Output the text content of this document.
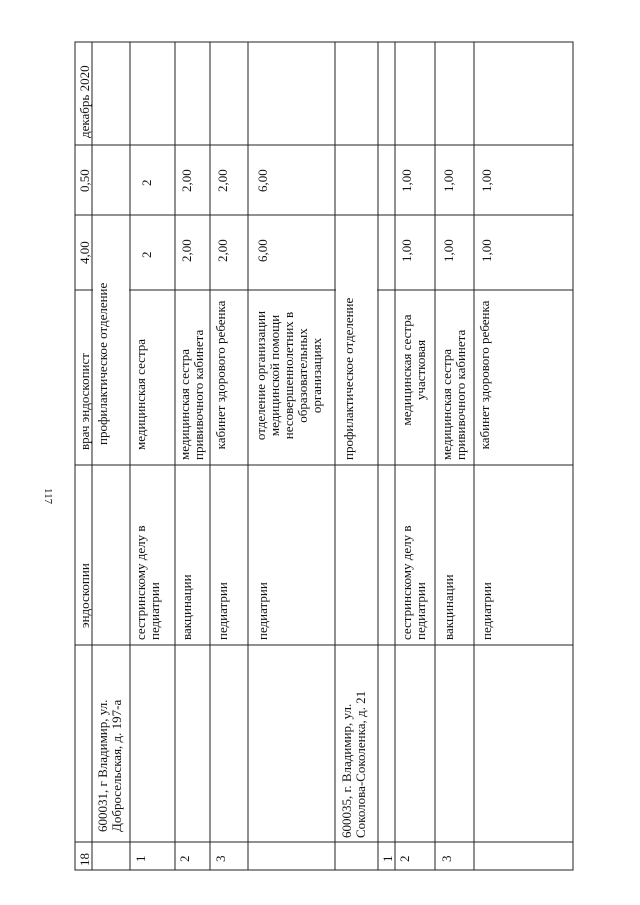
117
18
эндоскопии
врач эндоскопист
4,00
0,50
декабрь 2020
600031, г Владимир, ул. Добросельская, д. 197-а
профилактическое отделение
1
сестринскому делу в педиатрии
медицинская сестра
2
2
2
вакцинации
медицинская сестра прививочного кабинета
2,00
2,00
3
педиатрии
кабинет здорового ребенка
2,00
2,00
педиатрии
отделение организации медицинской помощи несовершеннолетних в образовательных организациях
6,00
6,00
600035, г. Владимир, ул. Соколова-Соколенка, д. 21
профилактическое отделение
1 2
сестринскому делу в педиатрии
медицинская сестра участковая
1,00
1,00
3
вакцинации
медицинская сестра прививочного кабинета
1,00
1,00
педиатрии
кабинет здорового ребенка
1,00
1,00
